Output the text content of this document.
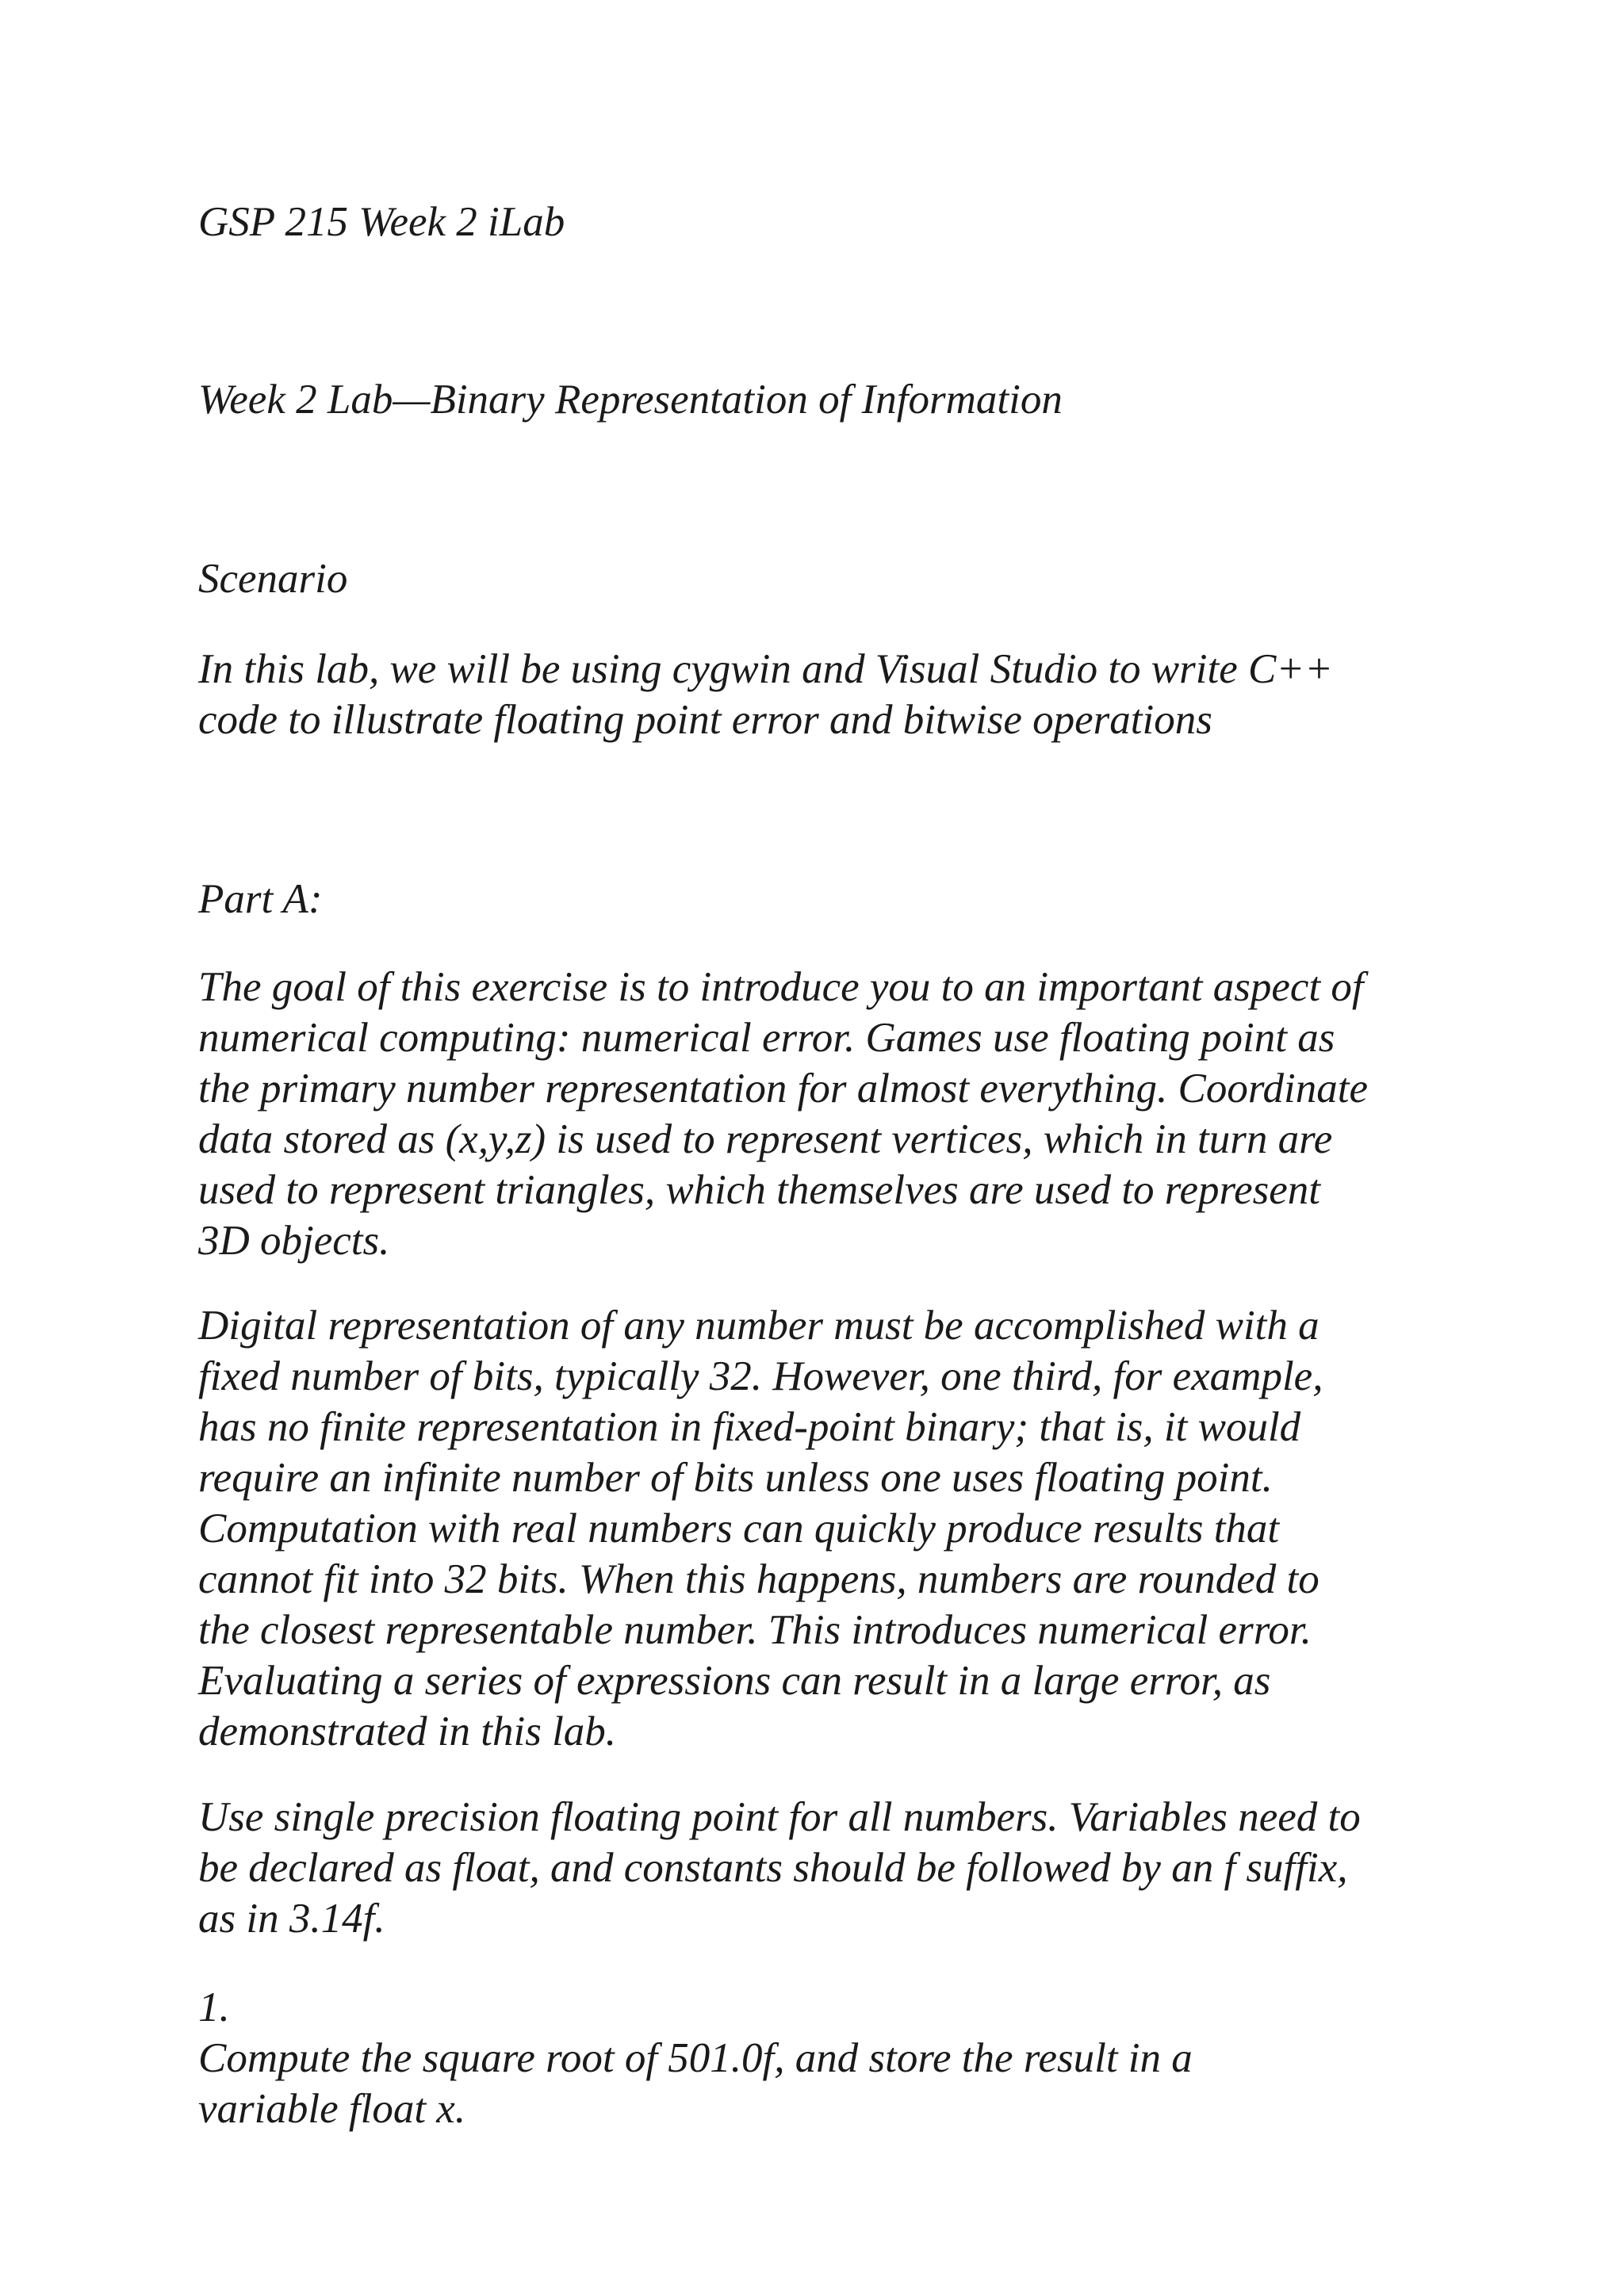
GSP 215 Week 2 iLab

Week 2 Lab—Binary Representation of Information

Scenario

In this lab, we will be using cygwin and Visual Studio to write C++
code to illustrate floating point error and bitwise operations

Part A:

The goal of this exercise is to introduce you to an important aspect of
numerical computing: numerical error. Games use floating point as
the primary number representation for almost everything. Coordinate
data stored as (x,y,z) is used to represent vertices, which in turn are
used to represent triangles, which themselves are used to represent
3D objects.

Digital representation of any number must be accomplished with a
fixed number of bits, typically 32. However, one third, for example,
has no finite representation in fixed-point binary; that is, it would
require an infinite number of bits unless one uses floating point.
Computation with real numbers can quickly produce results that
cannot fit into 32 bits. When this happens, numbers are rounded to
the closest representable number. This introduces numerical error.
Evaluating a series of expressions can result in a large error, as
demonstrated in this lab.

Use single precision floating point for all numbers. Variables need to
be declared as float, and constants should be followed by an f suffix,
as in 3.14f.

1.
Compute the square root of 501.0f, and store the result in a
variable float x.
